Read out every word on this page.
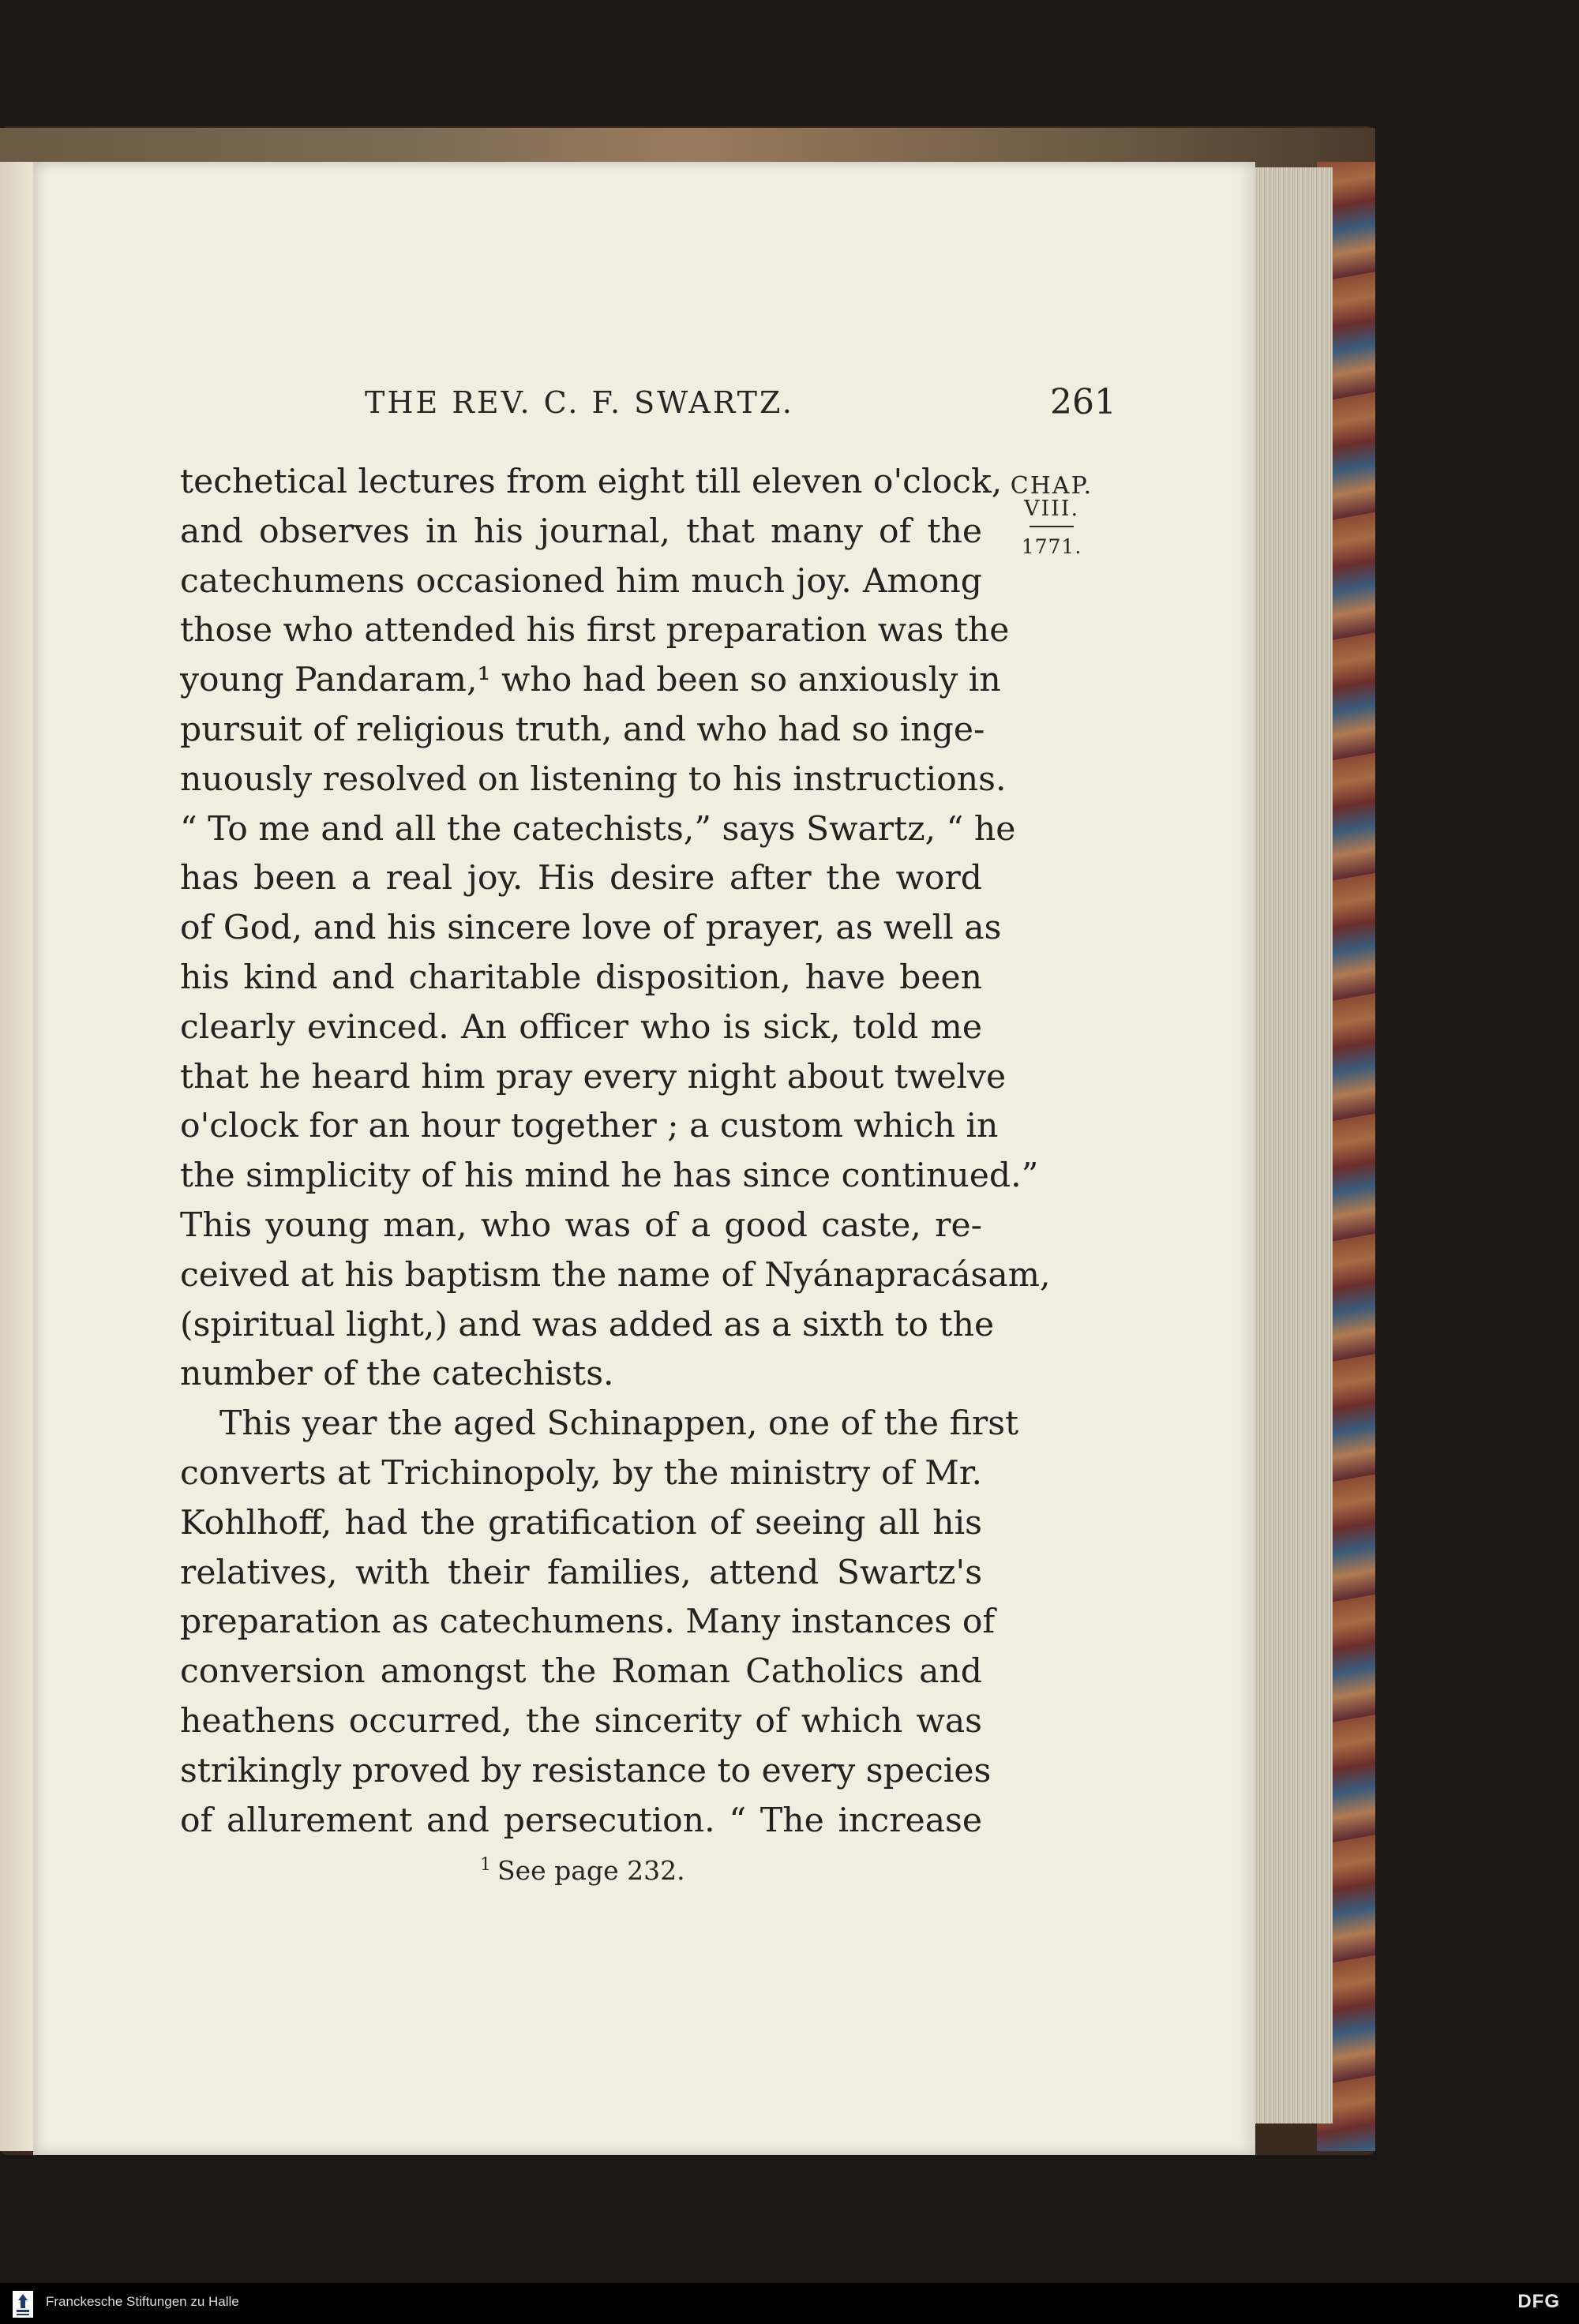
THE REV. C. F. SWARTZ.	261
CHAP.
VIII.
1771.
techetical lectures from eight till eleven o'clock,
and observes in his journal, that many of the
catechumens occasioned him much joy. Among
those who attended his first preparation was the
young Pandaram,¹ who had been so anxiously in
pursuit of religious truth, and who had so inge-
nuously resolved on listening to his instructions.
“ To me and all the catechists,” says Swartz, “ he
has been a real joy. His desire after the word
of God, and his sincere love of prayer, as well as
his kind and charitable disposition, have been
clearly evinced. An officer who is sick, told me
that he heard him pray every night about twelve
o'clock for an hour together ; a custom which in
the simplicity of his mind he has since continued.”
This young man, who was of a good caste, re-
ceived at his baptism the name of Nyánapracásam,
(spiritual light,) and was added as a sixth to the
number of the catechists.
This year the aged Schinappen, one of the first
converts at Trichinopoly, by the ministry of Mr.
Kohlhoff, had the gratification of seeing all his
relatives, with their families, attend Swartz's
preparation as catechumens. Many instances of
conversion amongst the Roman Catholics and
heathens occurred, the sincerity of which was
strikingly proved by resistance to every species
of allurement and persecution. “ The increase
$^1$ See page 232.
Franckesche Stiftungen zu Halle	DFG
